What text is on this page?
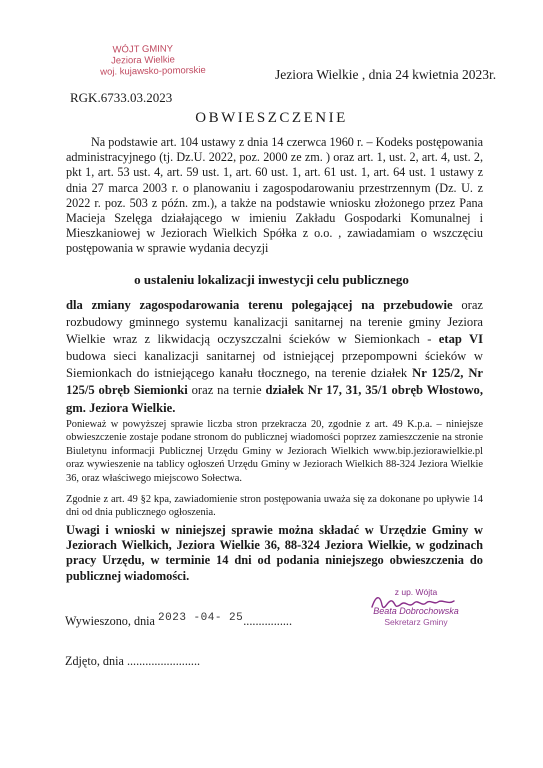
WÓJT GMINY
Jeziora Wielkie
woj. kujawsko-pomorskie	Jeziora Wielkie , dnia 24 kwietnia 2023r.
RGK.6733.03.2023
OBWIESZCZENIE
Na podstawie art. 104 ustawy z dnia 14 czerwca 1960 r. – Kodeks postępowania administracyjnego (tj. Dz.U. 2022, poz. 2000 ze zm. ) oraz art. 1, ust. 2, art. 4, ust. 2, pkt 1, art. 53 ust. 4, art. 59 ust. 1, art. 60 ust. 1, art. 61 ust. 1, art. 64 ust. 1 ustawy z dnia 27 marca 2003 r. o planowaniu i zagospodarowaniu przestrzennym (Dz. U. z 2022 r. poz. 503 z późn. zm.), a także na podstawie wniosku złożonego przez Pana Macieja Szelęga działającego w imieniu Zakładu Gospodarki Komunalnej i Mieszkaniowej w Jeziorach Wielkich Spółka z o.o. , zawiadamiam o wszczęciu postępowania w sprawie wydania decyzji
o ustaleniu lokalizacji inwestycji celu publicznego
dla zmiany zagospodarowania terenu polegającej na przebudowie oraz rozbudowy gminnego systemu kanalizacji sanitarnej na terenie gminy Jeziora Wielkie wraz z likwidacją oczyszczalni ścieków w Siemionkach - etap VI budowa sieci kanalizacji sanitarnej od istniejącej przepompowni ścieków w Siemionkach do istniejącego kanału tłocznego, na terenie działek Nr 125/2, Nr 125/5 obręb Siemionki oraz na ternie działek Nr 17, 31, 35/1 obręb Włostowo, gm. Jeziora Wielkie.
Ponieważ w powyższej sprawie liczba stron przekracza 20, zgodnie z art. 49 K.p.a. – niniejsze obwieszczenie zostaje podane stronom do publicznej wiadomości poprzez zamieszczenie na stronie Biuletynu informacji Publicznej Urzędu Gminy w Jeziorach Wielkich www.bip.jeziorawielkie.pl oraz wywieszenie na tablicy ogłoszeń Urzędu Gminy w Jeziorach Wielkich 88-324 Jeziora Wielkie 36, oraz właściwego miejscowo Sołectwa.
Zgodnie z art. 49 §2 kpa, zawiadomienie stron postępowania uważa się za dokonane po upływie 14 dni od dnia publicznego ogłoszenia.
Uwagi i wnioski w niniejszej sprawie można składać w Urzędzie Gminy w Jeziorach Wielkich, Jeziora Wielkie 36, 88-324 Jeziora Wielkie, w godzinach pracy Urzędu, w terminie 14 dni od podania niniejszego obwieszczenia do publicznej wiadomości.
Wywieszono, dnia 2023 -04- 25................
Zdjęto, dnia ........................
z up. Wójta
Beata Dobrochowska
Sekretarz Gminy
